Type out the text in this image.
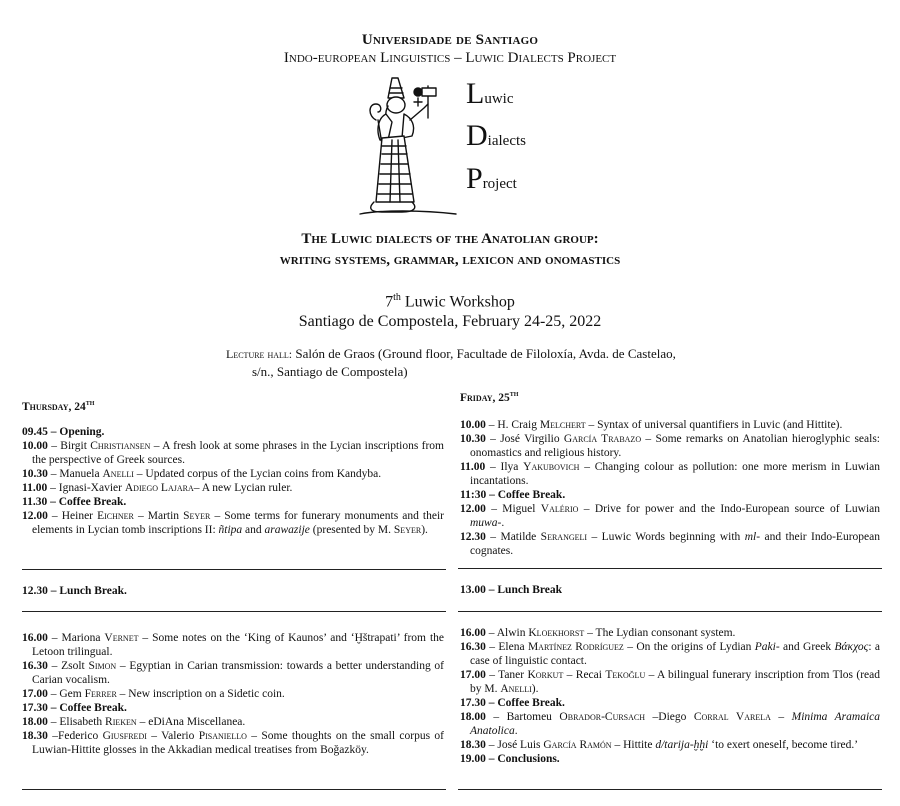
Universidade de Santiago
Indo-european Linguistics – Luwic Dialects Project
Luwic
Dialects
Project
The Luwic dialects of the Anatolian group:
writing systems, grammar, lexicon and onomastics
7th Luwic Workshop
Santiago de Compostela, February 24-25, 2022
Lecture hall: Salón de Graos (Ground floor, Facultade de Filoloxía, Avda. de Castelao,
s/n., Santiago de Compostela)
Thursday, 24th

09.45 – Opening.

10.00 – Birgit Christiansen – A fresh look at some phrases in the Lycian inscriptions from the perspective of Greek sources.

10.30 – Manuela Anelli – Updated corpus of the Lycian coins from Kandyba.

11.00 – Ignasi-Xavier Adiego Lajara– A new Lycian ruler.

11.30 – Coffee Break.

12.00 – Heiner Eichner – Martin Seyer – Some terms for funerary monuments and their elements in Lycian tomb inscriptions II: ñtipa and arawazije (presented by M. Seyer).

12.30 – Lunch Break.

16.00 – Mariona Vernet – Some notes on the ‘King of Kaunos’ and ‘Ḫštrapati’ from the Letoon trilingual.

16.30 – Zsolt Simon – Egyptian in Carian transmission: towards a better understanding of Carian vocalism.

17.00 – Gem Ferrer – New inscription on a Sidetic coin.

17.30 – Coffee Break.

18.00 – Elisabeth Rieken – eDiAna Miscellanea.

18.30 –Federico Giusfredi – Valerio Pisaniello – Some thoughts on the small corpus of Luwian-Hittite glosses in the Akkadian medical treatises from Boğazköy.

Friday, 25th

10.00 – H. Craig Melchert – Syntax of universal quantifiers in Luvic (and Hittite).

10.30 – José Virgilio García Trabazo – Some remarks on Anatolian hieroglyphic seals: onomastics and religious history.

11.00 – Ilya Yakubovich – Changing colour as pollution: one more merism in Luwian incantations.

11:30 – Coffee Break.

12.00 – Miguel Valério – Drive for power and the Indo-European source of Luwian muwa-.

12.30 – Matilde Serangeli – Luwic Words beginning with ml- and their Indo-European cognates.

13.00 – Lunch Break

16.00 – Alwin Kloekhorst – The Lydian consonant system.

16.30 – Elena Martínez Rodríguez – On the origins of Lydian Paki- and Greek Βάκχος: a case of linguistic contact.

17.00 – Taner Korkut – Recai Tekoğlu – A bilingual funerary inscription from Tlos (read by M. Anelli).

17.30 – Coffee Break.

18.00 – Bartomeu Obrador-Cursach –Diego Corral Varela – Minima Aramaica Anatolica.

18.30 – José Luis García Ramón – Hittite d/tarija-ḫḫi ‘to exert oneself, become tired.’

19.00 – Conclusions.
